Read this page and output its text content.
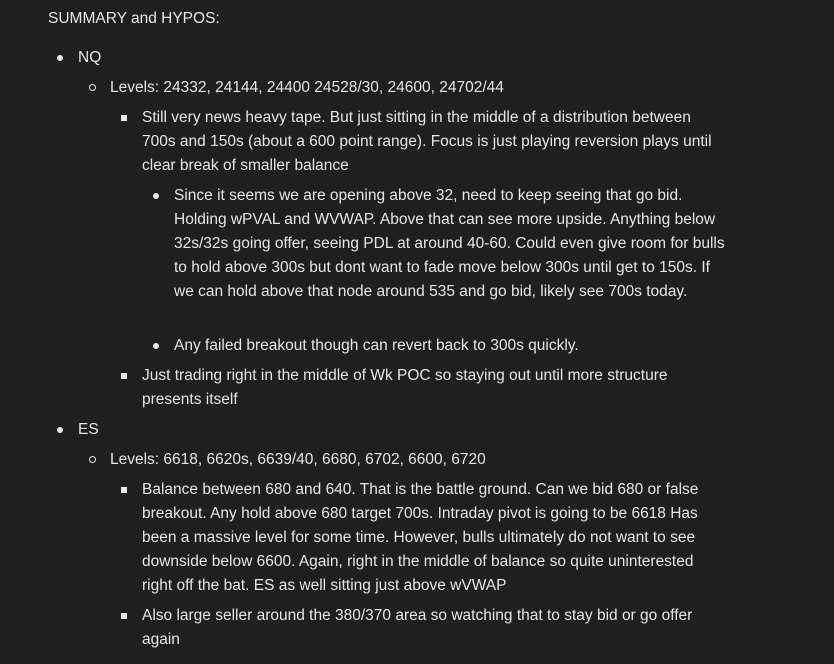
SUMMARY and HYPOS:
NQ
Levels: 24332, 24144, 24400 24528/30, 24600, 24702/44
Still very news heavy tape. But just sitting in the middle of a distribution between 700s and 150s (about a 600 point range). Focus is just playing reversion plays until clear break of smaller balance
Since it seems we are opening above 32, need to keep seeing that go bid. Holding wPVAL and WVWAP. Above that can see more upside. Anything below 32s/32s going offer, seeing PDL at around 40-60. Could even give room for bulls to hold above 300s but dont want to fade move below 300s until get to 150s. If we can hold above that node around 535 and go bid, likely see 700s today.
Any failed breakout though can revert back to 300s quickly.
Just trading right in the middle of Wk POC so staying out until more structure presents itself
ES
Levels: 6618, 6620s, 6639/40, 6680, 6702, 6600, 6720
Balance between 680 and 640. That is the battle ground. Can we bid 680 or false breakout. Any hold above 680 target 700s. Intraday pivot is going to be 6618 Has been a massive level for some time. However, bulls ultimately do not want to see downside below 6600. Again, right in the middle of balance so quite uninterested right off the bat. ES as well sitting just above wVWAP
Also large seller around the 380/370 area so watching that to stay bid or go offer again
